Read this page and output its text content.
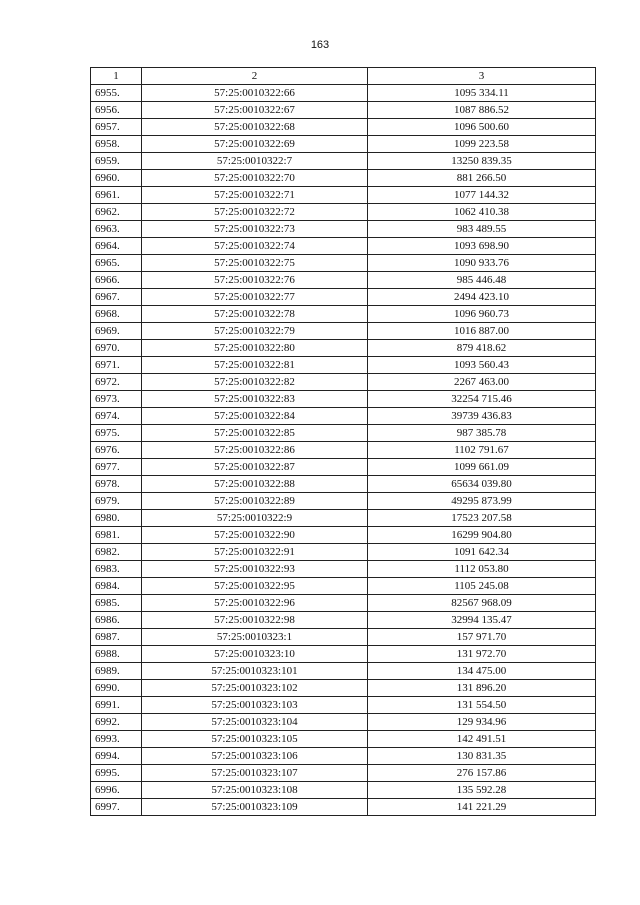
163
1	2	3
6955.	57:25:0010322:66	1095 334.11
6956.	57:25:0010322:67	1087 886.52
6957.	57:25:0010322:68	1096 500.60
6958.	57:25:0010322:69	1099 223.58
6959.	57:25:0010322:7	13250 839.35
6960.	57:25:0010322:70	881 266.50
6961.	57:25:0010322:71	1077 144.32
6962.	57:25:0010322:72	1062 410.38
6963.	57:25:0010322:73	983 489.55
6964.	57:25:0010322:74	1093 698.90
6965.	57:25:0010322:75	1090 933.76
6966.	57:25:0010322:76	985 446.48
6967.	57:25:0010322:77	2494 423.10
6968.	57:25:0010322:78	1096 960.73
6969.	57:25:0010322:79	1016 887.00
6970.	57:25:0010322:80	879 418.62
6971.	57:25:0010322:81	1093 560.43
6972.	57:25:0010322:82	2267 463.00
6973.	57:25:0010322:83	32254 715.46
6974.	57:25:0010322:84	39739 436.83
6975.	57:25:0010322:85	987 385.78
6976.	57:25:0010322:86	1102 791.67
6977.	57:25:0010322:87	1099 661.09
6978.	57:25:0010322:88	65634 039.80
6979.	57:25:0010322:89	49295 873.99
6980.	57:25:0010322:9	17523 207.58
6981.	57:25:0010322:90	16299 904.80
6982.	57:25:0010322:91	1091 642.34
6983.	57:25:0010322:93	1112 053.80
6984.	57:25:0010322:95	1105 245.08
6985.	57:25:0010322:96	82567 968.09
6986.	57:25:0010322:98	32994 135.47
6987.	57:25:0010323:1	157 971.70
6988.	57:25:0010323:10	131 972.70
6989.	57:25:0010323:101	134 475.00
6990.	57:25:0010323:102	131 896.20
6991.	57:25:0010323:103	131 554.50
6992.	57:25:0010323:104	129 934.96
6993.	57:25:0010323:105	142 491.51
6994.	57:25:0010323:106	130 831.35
6995.	57:25:0010323:107	276 157.86
6996.	57:25:0010323:108	135 592.28
6997.	57:25:0010323:109	141 221.29
